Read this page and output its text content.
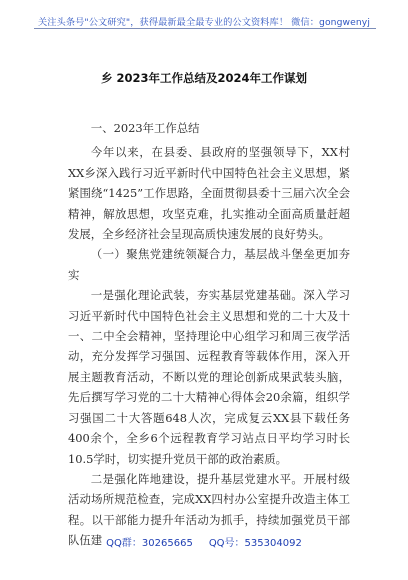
关注头条号"公文研究"，获得最新最全最专业的公文资料库！ 微信：gongwenyj
乡 2023年工作总结及2024年工作谋划

一、2023年工作总结

今年以来，在县委、县政府的坚强领导下，XX村XX乡深入践行习近平新时代中国特色社会主义思想，紧紧围绕“1425”工作思路，全面贯彻县委十三届六次全会精神，解放思想，攻坚克难，扎实推动全面高质量赶超发展，全乡经济社会呈现高质快速发展的良好势头。

（一）聚焦党建统领凝合力，基层战斗堡垒更加夯实

一是强化理论武装，夯实基层党建基础。深入学习习近平新时代中国特色社会主义思想和党的二十大及十一、二中全会精神，坚持理论中心组学习和周三夜学活动，充分发挥学习强国、远程教育等载体作用，深入开展主题教育活动，不断以党的理论创新成果武装头脑，先后撰写学习党的二十大精神心得体会20余篇，组织学习强国二十大答题648人次，完成复云XX县下载任务400余个，全乡6个远程教育学习站点日平均学习时长10.5学时，切实提升党员干部的政治素质。

二是强化阵地建设，提升基层党建水平。开展村级活动场所规范检查，完成XX四村办公室提升改造主体工程。以干部能力提升年活动为抓手，持续加强党员干部队伍建 QQ群：30265665 QQ号：535304092
